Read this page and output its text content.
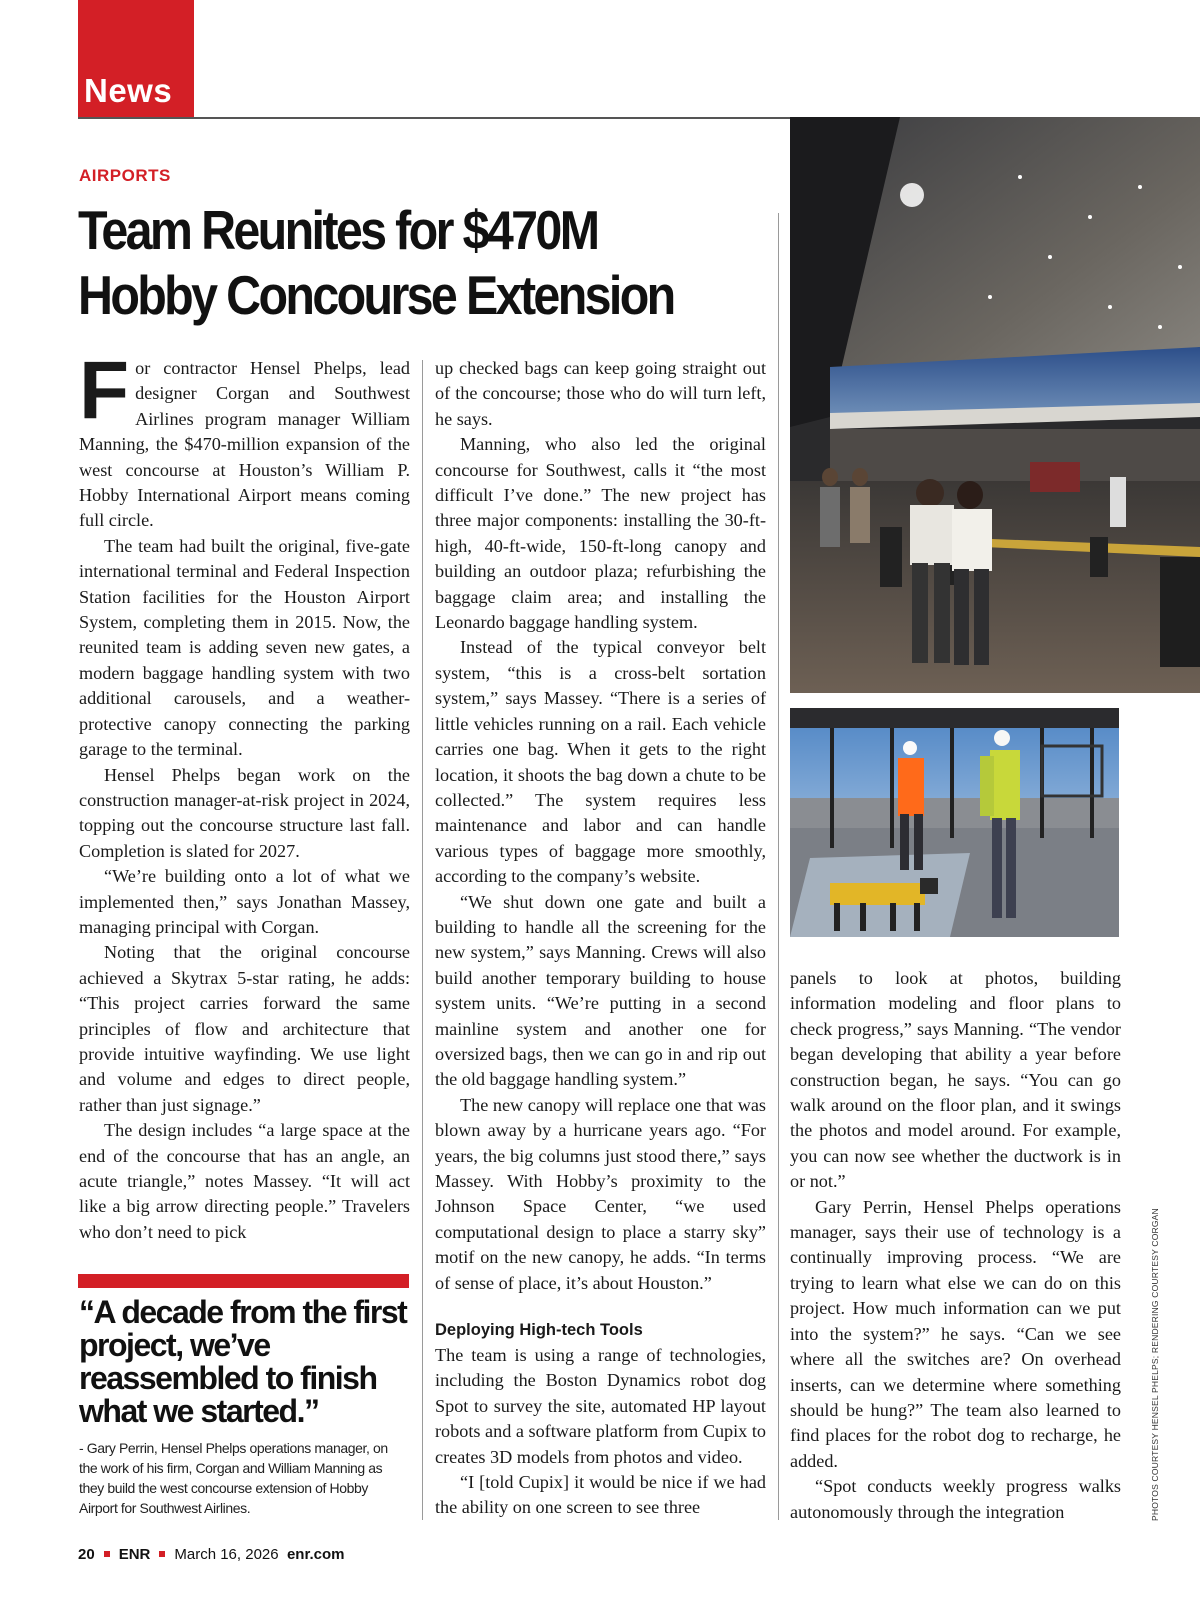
News
AIRPORTS
Team Reunites for $470M Hobby Concourse Extension

For contractor Hensel Phelps, lead designer Corgan and Southwest Airlines program manager William Manning, the $470-million expansion of the west concourse at Houston’s William P. Hobby International Airport means coming full circle.

The team had built the original, five-gate international terminal and Federal Inspection Station facilities for the Houston Airport System, completing them in 2015. Now, the reunited team is adding seven new gates, a modern baggage handling system with two additional carousels, and a weather-protective canopy connecting the parking garage to the terminal.

Hensel Phelps began work on the construction manager-at-risk project in 2024, topping out the concourse structure last fall. Completion is slated for 2027.

“We’re building onto a lot of what we implemented then,” says Jonathan Massey, managing principal with Corgan.

Noting that the original concourse achieved a Skytrax 5-star rating, he adds: “This project carries forward the same principles of flow and architecture that provide intuitive wayfinding. We use light and volume and edges to direct people, rather than just signage.”

The design includes “a large space at the end of the concourse that has an angle, an acute triangle,” notes Massey. “It will act like a big arrow directing people.” Travelers who don’t need to pick

“A decade from the first project, we’ve reassembled to finish what we started.”
- Gary Perrin, Hensel Phelps operations manager, on the work of his firm, Corgan and William Manning as they build the west concourse extension of Hobby Airport for Southwest Airlines.

up checked bags can keep going straight out of the concourse; those who do will turn left, he says.

Manning, who also led the original concourse for Southwest, calls it “the most difficult I’ve done.” The new project has three major components: installing the 30-ft-high, 40-ft-wide, 150-ft-long canopy and building an outdoor plaza; refurbishing the baggage claim area; and installing the Leonardo baggage handling system.

Instead of the typical conveyor belt system, “this is a cross-belt sortation system,” says Massey. “There is a series of little vehicles running on a rail. Each vehicle carries one bag. When it gets to the right location, it shoots the bag down a chute to be collected.” The system requires less maintenance and labor and can handle various types of baggage more smoothly, according to the company’s website.

“We shut down one gate and built a building to handle all the screening for the new system,” says Manning. Crews will also build another temporary building to house system units. “We’re putting in a second mainline system and another one for oversized bags, then we can go in and rip out the old baggage handling system.”

The new canopy will replace one that was blown away by a hurricane years ago. “For years, the big columns just stood there,” says Massey. With Hobby’s proximity to the Johnson Space Center, “we used computational design to place a starry sky” motif on the new canopy, he adds. “In terms of sense of place, it’s about Houston.”

Deploying High-tech Tools

The team is using a range of technologies, including the Boston Dynamics robot dog Spot to survey the site, automated HP layout robots and a software platform from Cupix to creates 3D models from photos and video.

“I [told Cupix] it would be nice if we had the ability on one screen to see three

panels to look at photos, building information modeling and floor plans to check progress,” says Manning. “The vendor began developing that ability a year before construction began, he says. “You can go walk around on the floor plan, and it swings the photos and model around. For example, you can now see whether the ductwork is in or not.”

Gary Perrin, Hensel Phelps operations manager, says their use of technology is a continually improving process. “We are trying to learn what else we can do on this project. How much information can we put into the system?” he says. “Can we see where all the switches are? On overhead inserts, can we determine where something should be hung?” The team also learned to find places for the robot dog to recharge, he added.

“Spot conducts weekly progress walks autonomously through the integration	PHOTOS COURTESY HENSEL PHELPS; RENDERING COURTESY CORGAN
20 ENR March 16, 2026 enr.com
